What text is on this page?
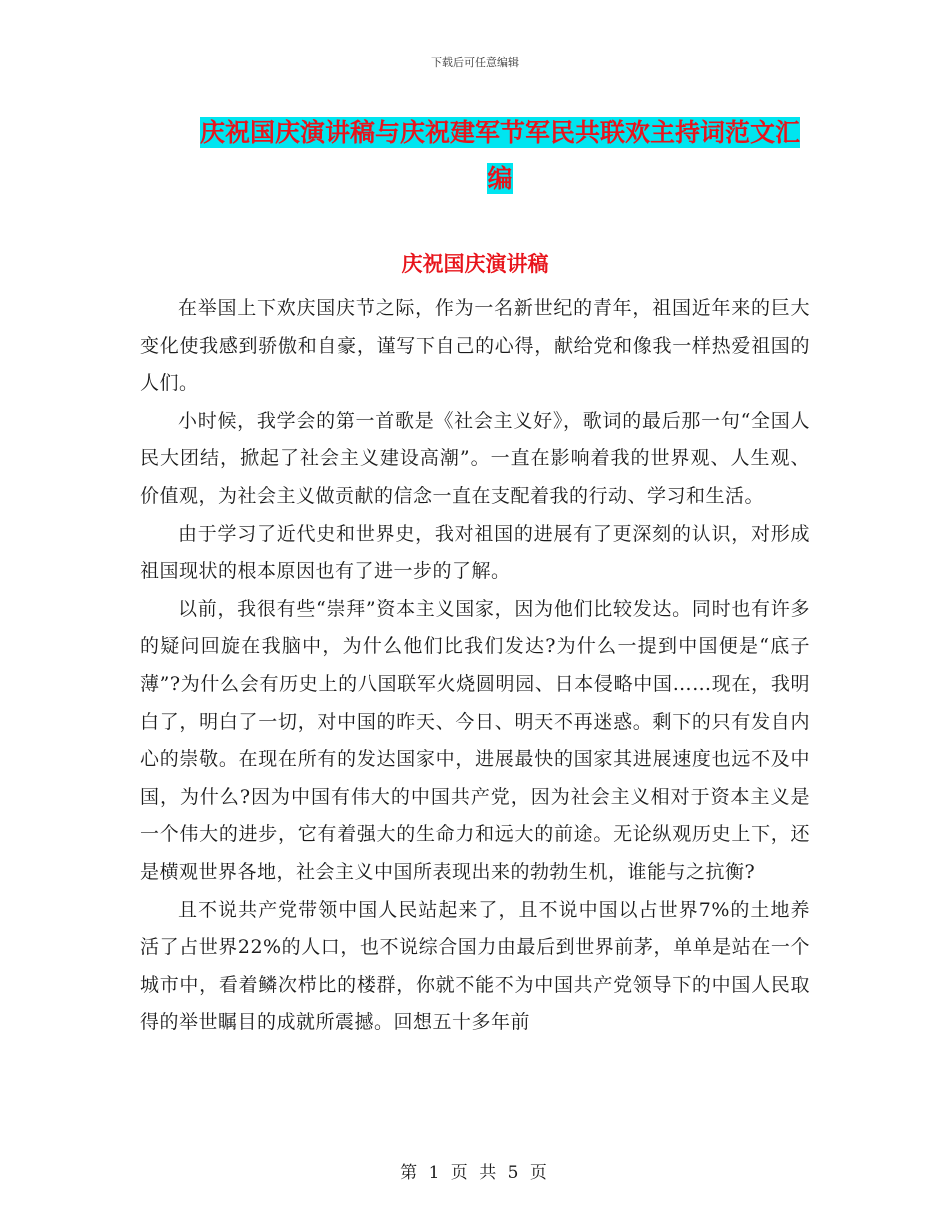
下载后可任意编辑
庆祝国庆演讲稿与庆祝建军节军民共联欢主持词范文汇编
庆祝国庆演讲稿

在举国上下欢庆国庆节之际，作为一名新世纪的青年，祖国近年来的巨大变化使我感到骄傲和自豪，谨写下自己的心得，献给党和像我一样热爱祖国的人们。

小时候，我学会的第一首歌是《社会主义好》，歌词的最后那一句“全国人民大团结，掀起了社会主义建设高潮”。一直在影响着我的世界观、人生观、价值观，为社会主义做贡献的信念一直在支配着我的行动、学习和生活。

由于学习了近代史和世界史，我对祖国的进展有了更深刻的认识，对形成祖国现状的根本原因也有了进一步的了解。

以前，我很有些“崇拜”资本主义国家，因为他们比较发达。同时也有许多的疑问回旋在我脑中，为什么他们比我们发达?为什么一提到中国便是“底子薄”?为什么会有历史上的八国联军火烧圆明园、日本侵略中国……现在，我明白了，明白了一切，对中国的昨天、今日、明天不再迷惑。剩下的只有发自内心的崇敬。在现在所有的发达国家中，进展最快的国家其进展速度也远不及中国，为什么?因为中国有伟大的中国共产党，因为社会主义相对于资本主义是一个伟大的进步，它有着强大的生命力和远大的前途。无论纵观历史上下，还是横观世界各地，社会主义中国所表现出来的勃勃生机，谁能与之抗衡?

且不说共产党带领中国人民站起来了，且不说中国以占世界7%的土地养活了占世界22%的人口，也不说综合国力由最后到世界前茅，单单是站在一个城市中，看着鳞次栉比的楼群，你就不能不为中国共产党领导下的中国人民取得的举世瞩目的成就所震撼。回想五十多年前

第 1 页 共 5 页
